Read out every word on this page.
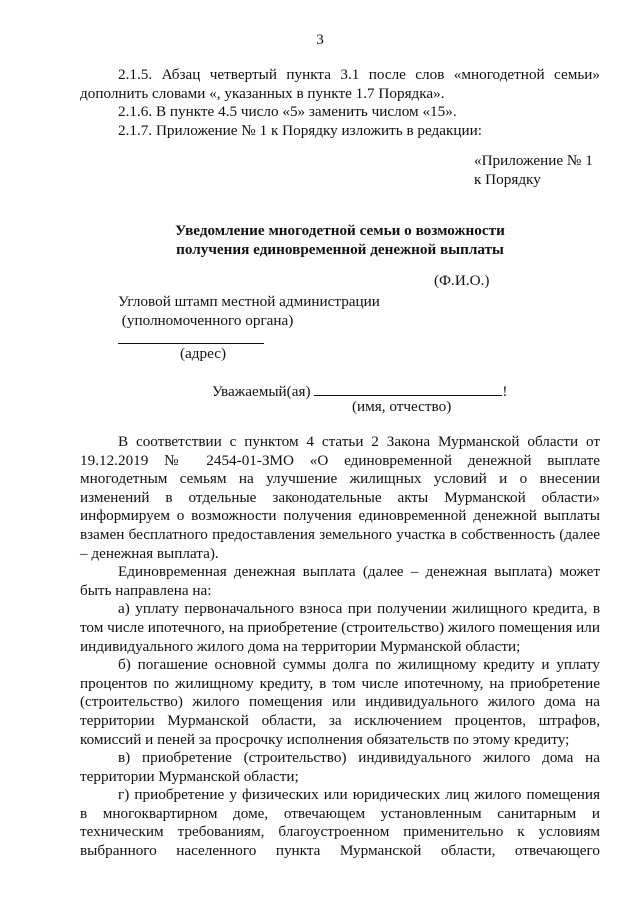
3

2.1.5. Абзац четвертый пункта 3.1 после слов «многодетной семьи» дополнить словами «, указанных в пункте 1.7 Порядка».

2.1.6. В пункте 4.5 число «5» заменить числом «15».

2.1.7. Приложение № 1 к Порядку изложить в редакции:

«Приложение № 1
к Порядку
Уведомление многодетной семьи о возможности
получения единовременной денежной выплаты
(Ф.И.О.)
Угловой штамп местной администрации
(уполномоченного органа)
(адрес)
Уважаемый(ая)	!
(имя, отчество)

В соответствии с пунктом 4 статьи 2 Закона Мурманской области от 19.12.2019 № 2454-01-ЗМО «О единовременной денежной выплате многодетным семьям на улучшение жилищных условий и о внесении изменений в отдельные законодательные акты Мурманской области» информируем о возможности получения единовременной денежной выплаты взамен бесплатного предоставления земельного участка в собственность (далее – денежная выплата).

Единовременная денежная выплата (далее – денежная выплата) может быть направлена на:

а) уплату первоначального взноса при получении жилищного кредита, в том числе ипотечного, на приобретение (строительство) жилого помещения или индивидуального жилого дома на территории Мурманской области;

б) погашение основной суммы долга по жилищному кредиту и уплату процентов по жилищному кредиту, в том числе ипотечному, на приобретение (строительство) жилого помещения или индивидуального жилого дома на территории Мурманской области, за исключением процентов, штрафов, комиссий и пеней за просрочку исполнения обязательств по этому кредиту;

в) приобретение (строительство) индивидуального жилого дома на территории Мурманской области;

г) приобретение у физических или юридических лиц жилого помещения в многоквартирном доме, отвечающем установленным санитарным и техническим требованиям, благоустроенном применительно к условиям выбранного населенного пункта Мурманской области, отвечающего
